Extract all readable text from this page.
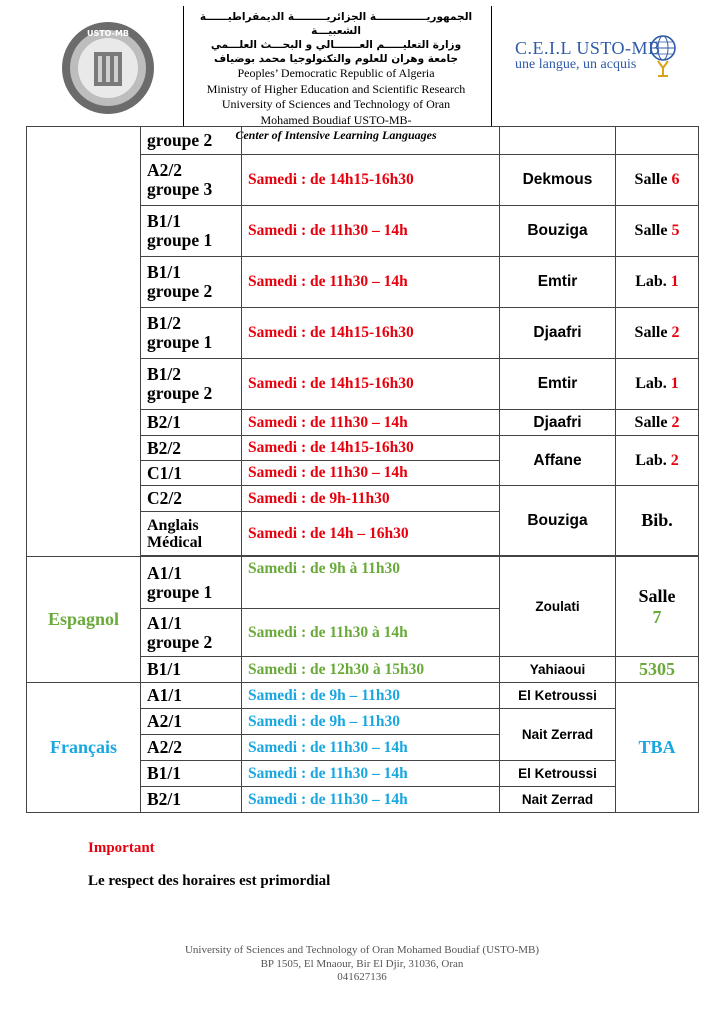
USTO-MB
الجمهوريــــــــــــــة الجزائريـــــــــة الديمقراطيــــــة الشعبيـــة
وزارة التعليـــــم العـــــــالي و البحـــث العلـــمي
جامعة وهران للعلوم والتكنولوجيا محمد بوضياف
Peoples’ Democratic Republic of Algeria
Ministry of Higher Education and Scientific Research
University of Sciences and Technology of Oran
Mohamed Boudiaf USTO-MB-
Center of Intensive Learning Languages
C.E.I.L USTO-MB
une langue, un acquis
	groupe 2			
	A2/2 groupe 3	Samedi : de 14h15-16h30	Dekmous	Salle 6
	B1/1 groupe 1	Samedi : de 11h30 – 14h	Bouziga	Salle 5
	B1/1 groupe 2	Samedi : de 11h30 – 14h	Emtir	Lab. 1
	B1/2 groupe 1	Samedi : de 14h15-16h30	Djaafri	Salle 2
	B1/2 groupe 2	Samedi : de 14h15-16h30	Emtir	Lab. 1
	B2/1	Samedi : de 11h30 – 14h	Djaafri	Salle 2
	B2/2	Samedi : de 14h15-16h30	Affane	Lab. 2
	C1/1	Samedi : de 11h30 – 14h		
	C2/2	Samedi : de 9h-11h30	Bouziga	Bib.
	Anglais Médical	Samedi : de 14h – 16h30		

Espagnol	A1/1 groupe 1	Samedi : de 9h à 11h30	Zoulati	Salle
7

	A1/1 groupe 2	Samedi : de 11h30 à 14h		
	B1/1	Samedi : de 12h30 à 15h30	Yahiaoui	5305
Français	A1/1	Samedi : de 9h – 11h30	El Ketroussi	TBA
	A2/1	Samedi : de 9h – 11h30	Nait Zerrad	
	A2/2	Samedi : de 11h30 – 14h		
	B1/1	Samedi : de 11h30 – 14h	El Ketroussi	
	B2/1	Samedi : de 11h30 – 14h	Nait Zerrad	
Important
Le respect des horaires est primordial
University of Sciences and Technology of Oran Mohamed Boudiaf (USTO-MB)
BP 1505, El Mnaour, Bir El Djir, 31036, Oran
041627136
